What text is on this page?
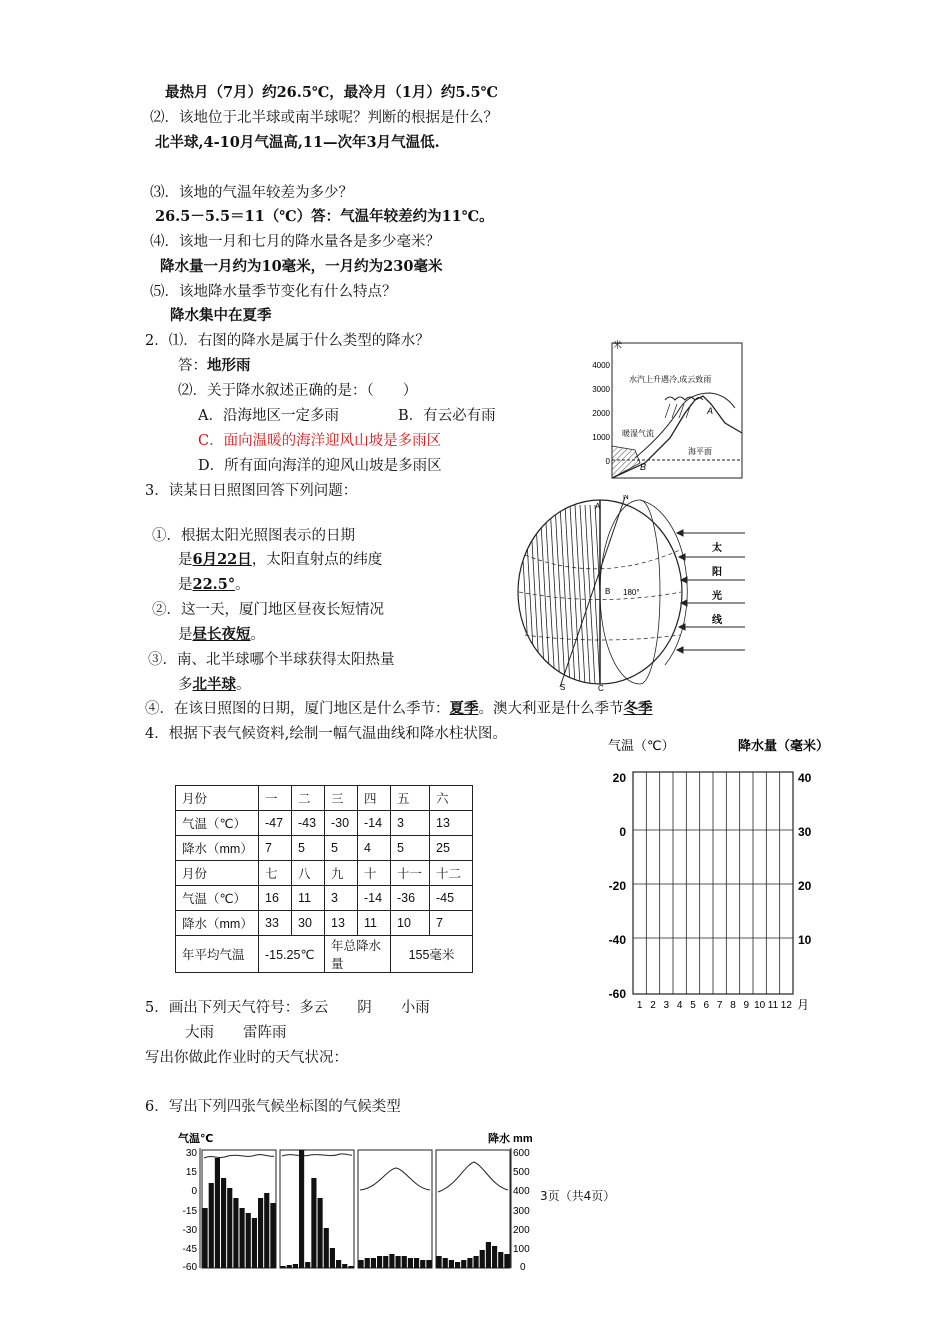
最热月（7月）约26.5℃，最冷月（1月）约5.5℃
⑵．该地位于北半球或南半球呢？判断的根据是什么？
北半球,4-10月气温高,11—次年3月气温低.
⑶．该地的气温年较差为多少？
26.5－5.5＝11（℃）答：气温年较差约为11℃。
⑷．该地一月和七月的降水量各是多少毫米？
降水量一月约为10毫米，一月约为230毫米
⑸．该地降水量季节变化有什么特点？
降水集中在夏季
2．⑴．右图的降水是属于什么类型的降水？
答：地形雨
⑵．关于降水叙述正确的是：（　　）
A．沿海地区一定多雨	B．有云必有雨
C．面向温暖的海洋迎风山坡是多雨区
D．所有面向海洋的迎风山坡是多雨区
米
4000
3000
2000
1000
0
水汽上升遇冷,成云致雨
暖湿气流
海平面
A
B
3．读某日日照图回答下列问题：
①．根据太阳光照图表示的日期
是6月22日，太阳直射点的纬度
是22.5°。
②．这一天，厦门地区昼夜长短情况
是昼长夜短。
③．南、北半球哪个半球获得太阳热量
多北半球。
④．在该日照图的日期，厦门地区是什么季节：夏季。澳大利亚是什么季节冬季
N
A
B 180°
S	C
太
阳
光
线
4．根据下表气候资料,绘制一幅气温曲线和降水柱状图。
月份	一	二	三	四	五	六
气温（℃）	-47	-43	-30	-14	3	13
降水（mm）	7	5	5	4	5	25
月份	七	八	九	十	十一	十二
气温（℃）	16	11	3	-14	-36	-45
降水（mm）	33	30	13	11	10	7
年平均气温	-15.25℃		年总降水量		155毫米	
气温（℃）	降水量（毫米）
20
0
-20
-40
-60
40
30
20
10
1 2 3 4 5 6 7 8 9 10 11 12 月
5．画出下列天气符号：多云　　阴　　小雨
大雨　　雷阵雨
写出你做此作业时的天气状况：
6．写出下列四张气候坐标图的气候类型
气温℃	降水 mm
30
15
0
-15
-30
-45
-60
600
500
400
300
200
100
0
3页（共4页）
